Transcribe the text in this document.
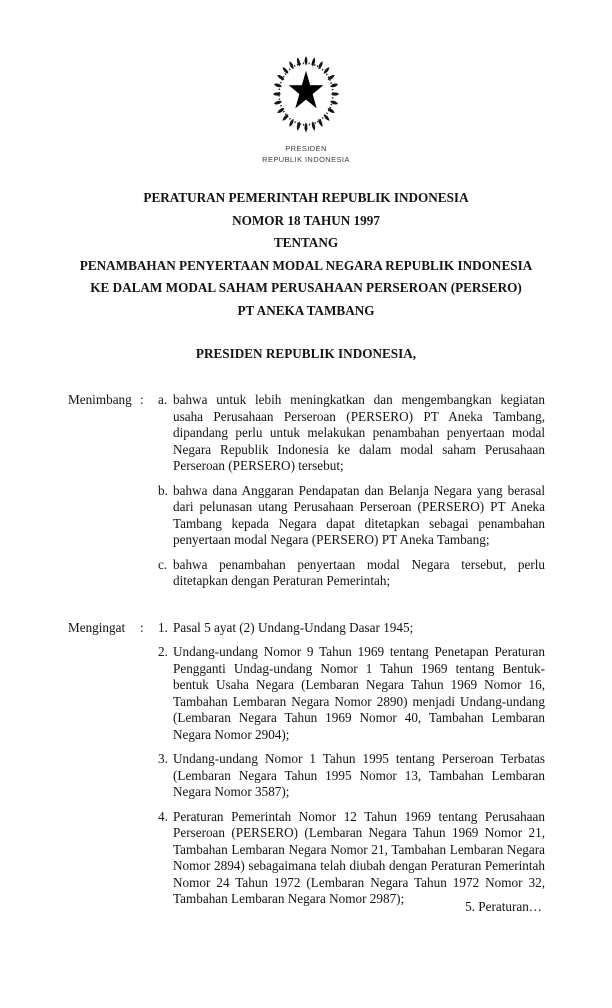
PRESIDEN
REPUBLIK INDONESIA
PERATURAN PEMERINTAH REPUBLIK INDONESIA
NOMOR 18 TAHUN 1997
TENTANG
PENAMBAHAN PENYERTAAN MODAL NEGARA REPUBLIK INDONESIA
KE DALAM MODAL SAHAM PERUSAHAAN PERSEROAN (PERSERO)
PT ANEKA TAMBANG
PRESIDEN REPUBLIK INDONESIA,
Menimbang :	a. bahwa untuk lebih meningkatkan dan mengembangkan kegiatan usaha Perusahaan Perseroan (PERSERO) PT Aneka Tambang, dipandang perlu untuk melakukan penambahan penyertaan modal Negara Republik Indonesia ke dalam modal saham Perusahaan Perseroan (PERSERO) tersebut;
b. bahwa dana Anggaran Pendapatan dan Belanja Negara yang berasal dari pelunasan utang Perusahaan Perseroan (PERSERO) PT Aneka Tambang kepada Negara dapat ditetapkan sebagai penambahan penyertaan modal Negara (PERSERO) PT Aneka Tambang;
c. bahwa penambahan penyertaan modal Negara tersebut, perlu ditetapkan dengan Peraturan Pemerintah;
Mengingat	:	1. Pasal 5 ayat (2) Undang-Undang Dasar 1945;
2. Undang-undang Nomor 9 Tahun 1969 tentang Penetapan Peraturan Pengganti Undag-undang Nomor 1 Tahun 1969 tentang Bentuk-bentuk Usaha Negara (Lembaran Negara Tahun 1969 Nomor 16, Tambahan Lembaran Negara Nomor 2890) menjadi Undang-undang (Lembaran Negara Tahun 1969 Nomor 40, Tambahan Lembaran Negara Nomor 2904);
3. Undang-undang Nomor 1 Tahun 1995 tentang Perseroan Terbatas (Lembaran Negara Tahun 1995 Nomor 13, Tambahan Lembaran Negara Nomor 3587);
4. Peraturan Pemerintah Nomor 12 Tahun 1969 tentang Perusahaan Perseroan (PERSERO) (Lembaran Negara Tahun 1969 Nomor 21, Tambahan Lembaran Negara Nomor 21, Tambahan Lembaran Negara Nomor 2894) sebagaimana telah diubah dengan Peraturan Pemerintah Nomor 24 Tahun 1972 (Lembaran Negara Tahun 1972 Nomor 32, Tambahan Lembaran Negara Nomor 2987);
5. Peraturan…
